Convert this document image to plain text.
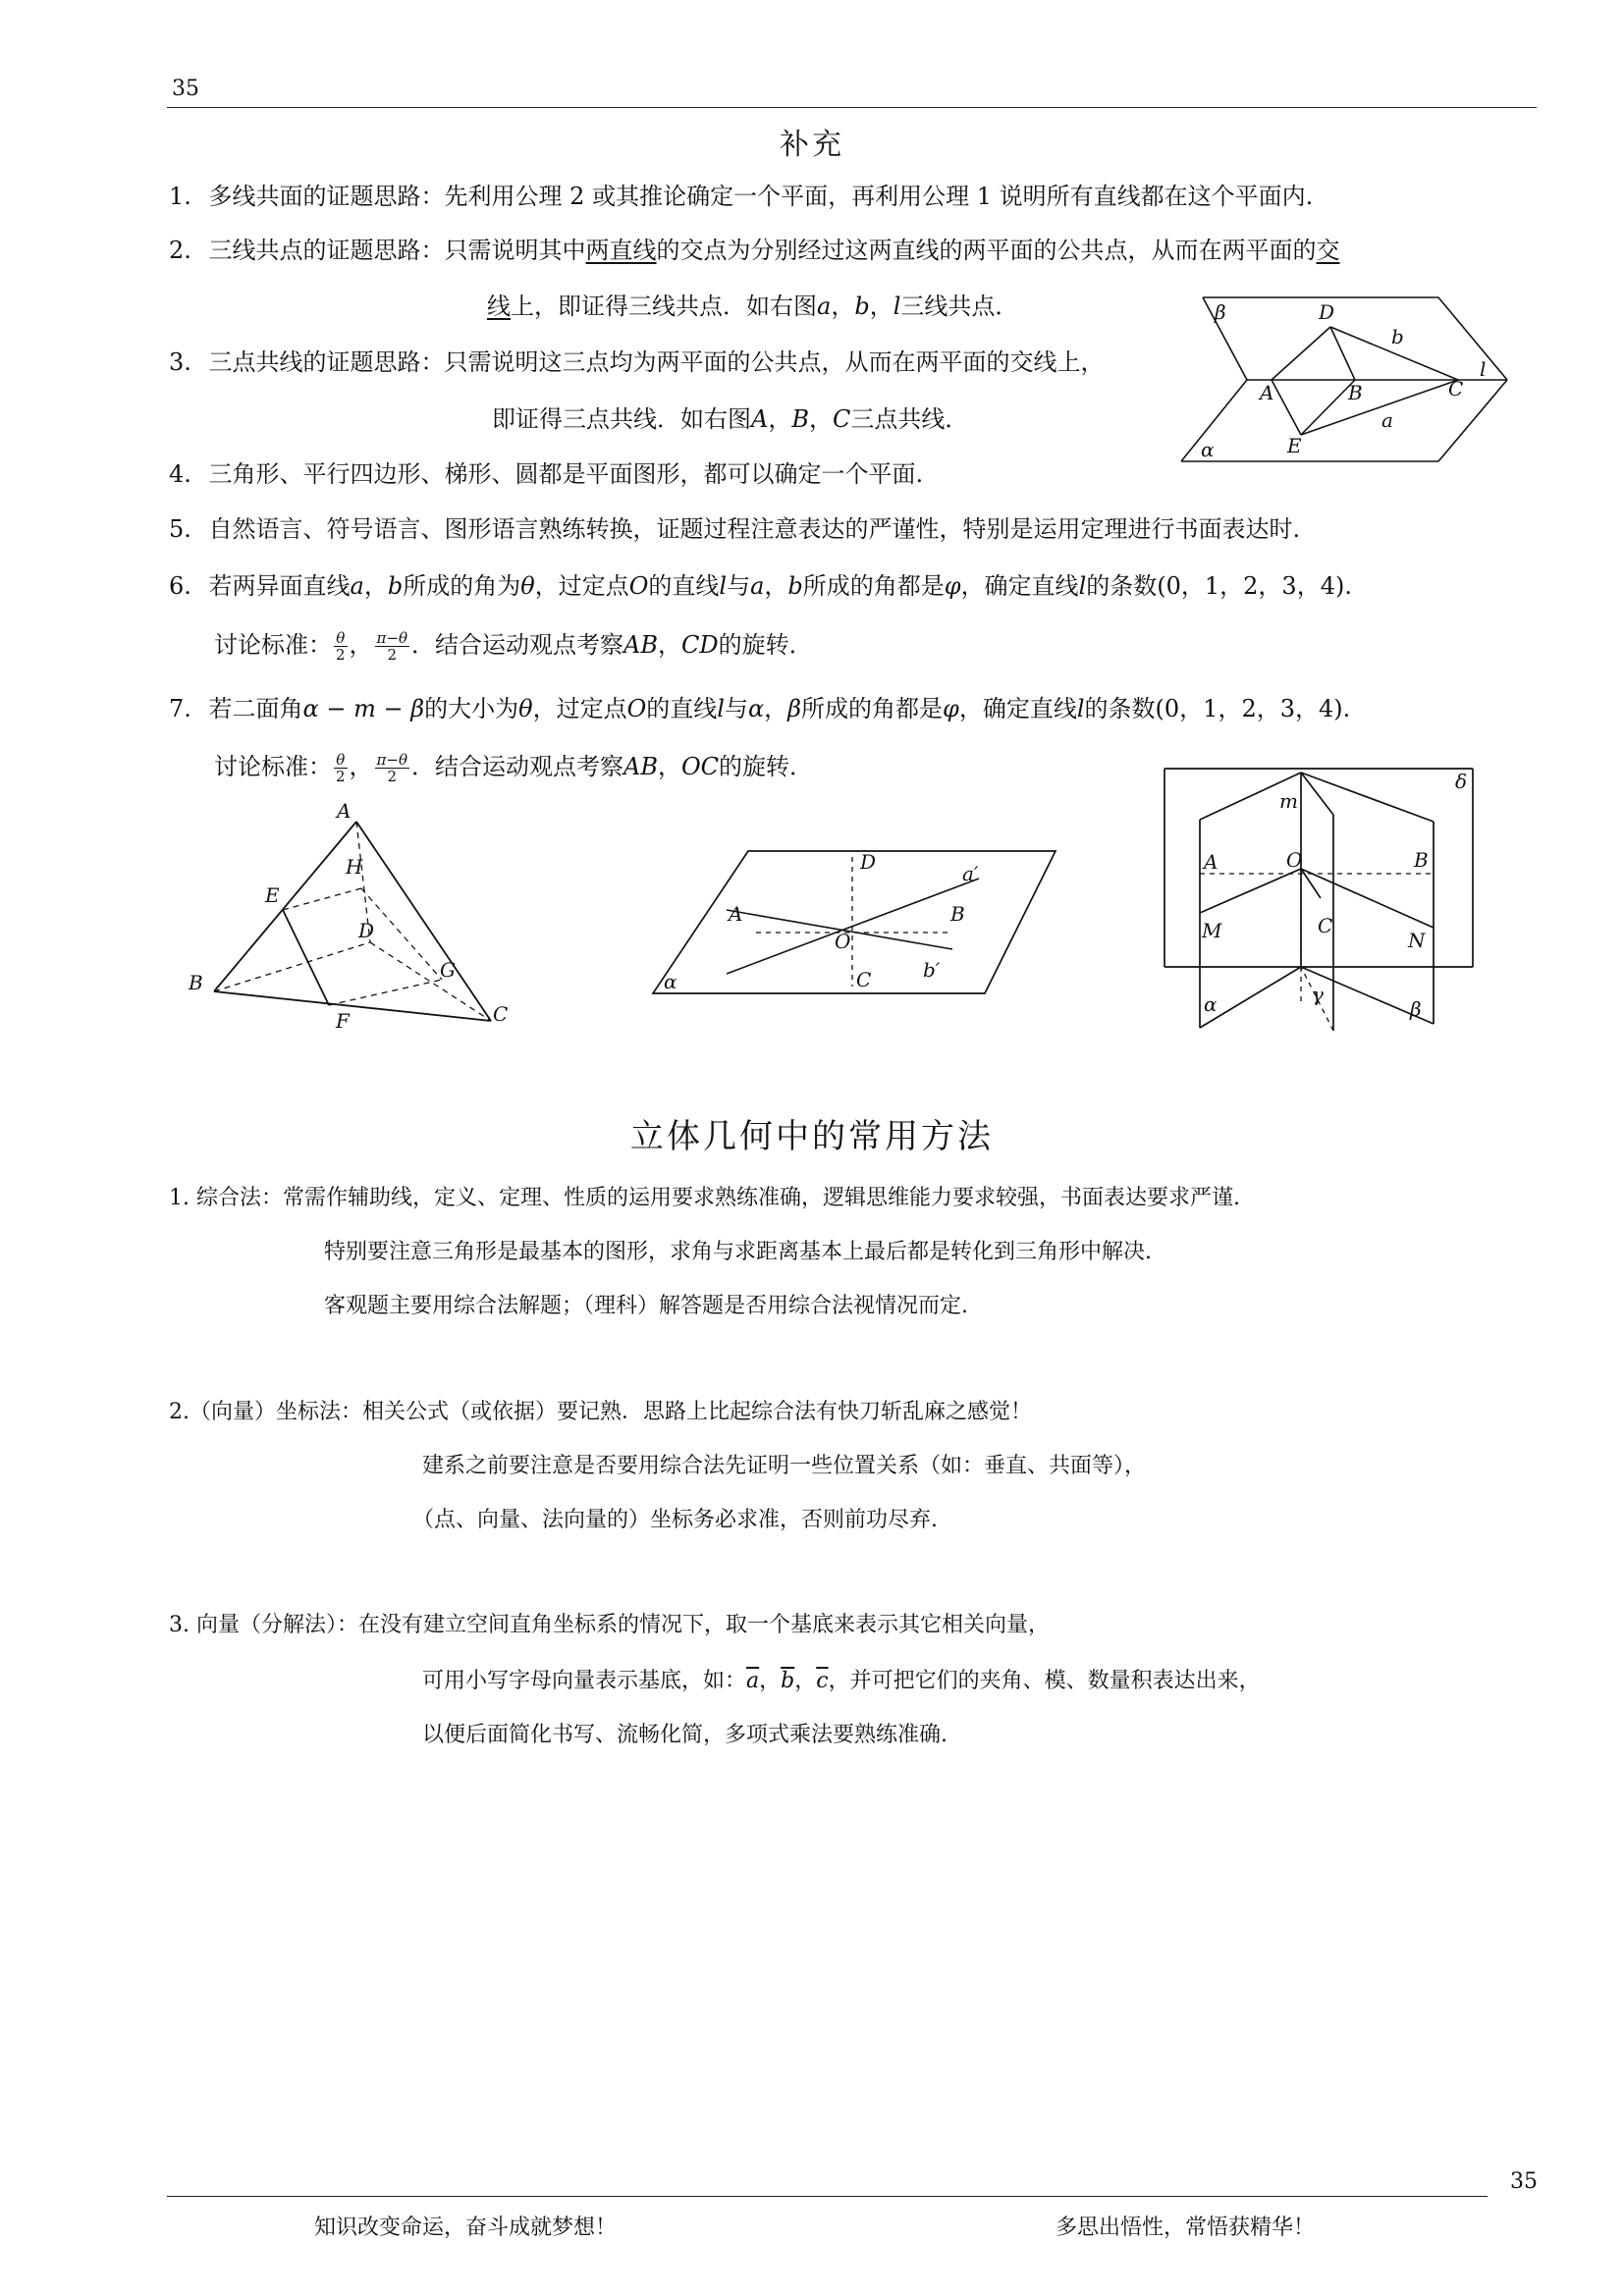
35
补充
1. 多线共面的证题思路：先利用公理 2 或其推论确定一个平面，再利用公理 1 说明所有直线都在这个平面内.
2. 三线共点的证题思路：只需说明其中两直线的交点为分别经过这两直线的两平面的公共点，从而在两平面的交
线上，即证得三线共点．如右图a，b，l三线共点．
3. 三点共线的证题思路：只需说明这三点均为两平面的公共点，从而在两平面的交线上，
即证得三点共线．如右图A，B，C三点共线．
β	D
b
l
A	B	C
a
α	E
4. 三角形、平行四边形、梯形、圆都是平面图形，都可以确定一个平面.
5. 自然语言、符号语言、图形语言熟练转换，证题过程注意表达的严谨性，特别是运用定理进行书面表达时.
6. 若两异面直线a，b所成的角为θ，过定点O的直线l与a，b所成的角都是φ，确定直线l的条数(0，1，2，3，4).
讨论标准： $\frac{\theta}{2}$ ， $\frac{\pi-\theta}{2}$ ．结合运动观点考察AB，CD的旋转．
7. 若二面角α − m − β的大小为θ，过定点O的直线l与α，β所成的角都是φ，确定直线l的条数(0，1，2，3，4).
讨论标准： $\frac{\theta}{2}$ ， $\frac{\pi-\theta}{2}$ ．结合运动观点考察AB，OC的旋转．
A
H
E
D
G
B
F	C
D	a′
A	B
O
C	b′
α
δ
m
A	O	B
M	C
N
α	γ
β
立体几何中的常用方法
1. 综合法：常需作辅助线，定义、定理、性质的运用要求熟练准确，逻辑思维能力要求较强，书面表达要求严谨.
特别要注意三角形是最基本的图形，求角与求距离基本上最后都是转化到三角形中解决.
客观题主要用综合法解题；（理科）解答题是否用综合法视情况而定.
2.（向量）坐标法：相关公式（或依据）要记熟．思路上比起综合法有快刀斩乱麻之感觉！
建系之前要注意是否要用综合法先证明一些位置关系（如：垂直、共面等），
（点、向量、法向量的）坐标务必求准，否则前功尽弃.
3. 向量（分解法）：在没有建立空间直角坐标系的情况下，取一个基底来表示其它相关向量，
可用小写字母向量表示基底，如：$\overline{a}$，$\overline{b}$，$\overline{c}$，并可把它们的夹角、模、数量积表达出来，
以便后面简化书写、流畅化简，多项式乘法要熟练准确.
35
知识改变命运，奋斗成就梦想！	多思出悟性，常悟获精华！
